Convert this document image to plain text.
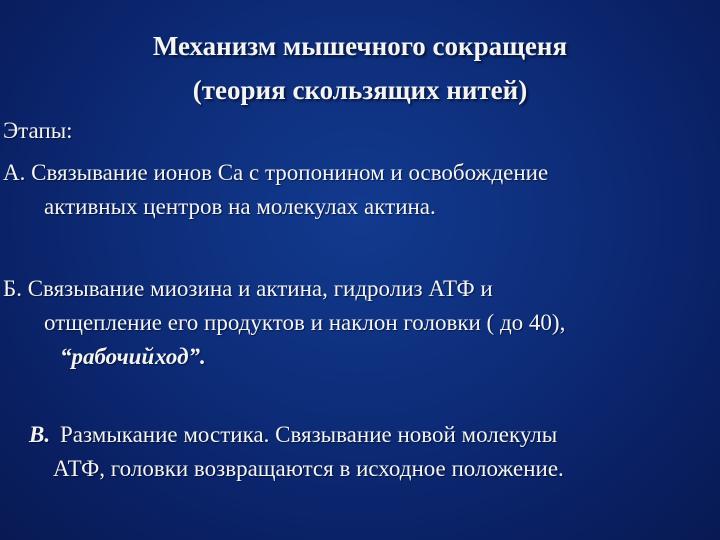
Механизм мышечного сокращеня
(теория скользящих нитей)
Этапы:
А. Связывание ионов Са с тропонином и освобождение
активных центров на молекулах актина.
Б. Связывание миозина и актина, гидролиз АТФ и
отщепление его продуктов и наклон головки ( до 40),
“рабочий ход”.
В. Размыкание мостика. Связывание новой молекулы
АТФ, головки возвращаются в исходное положение.
